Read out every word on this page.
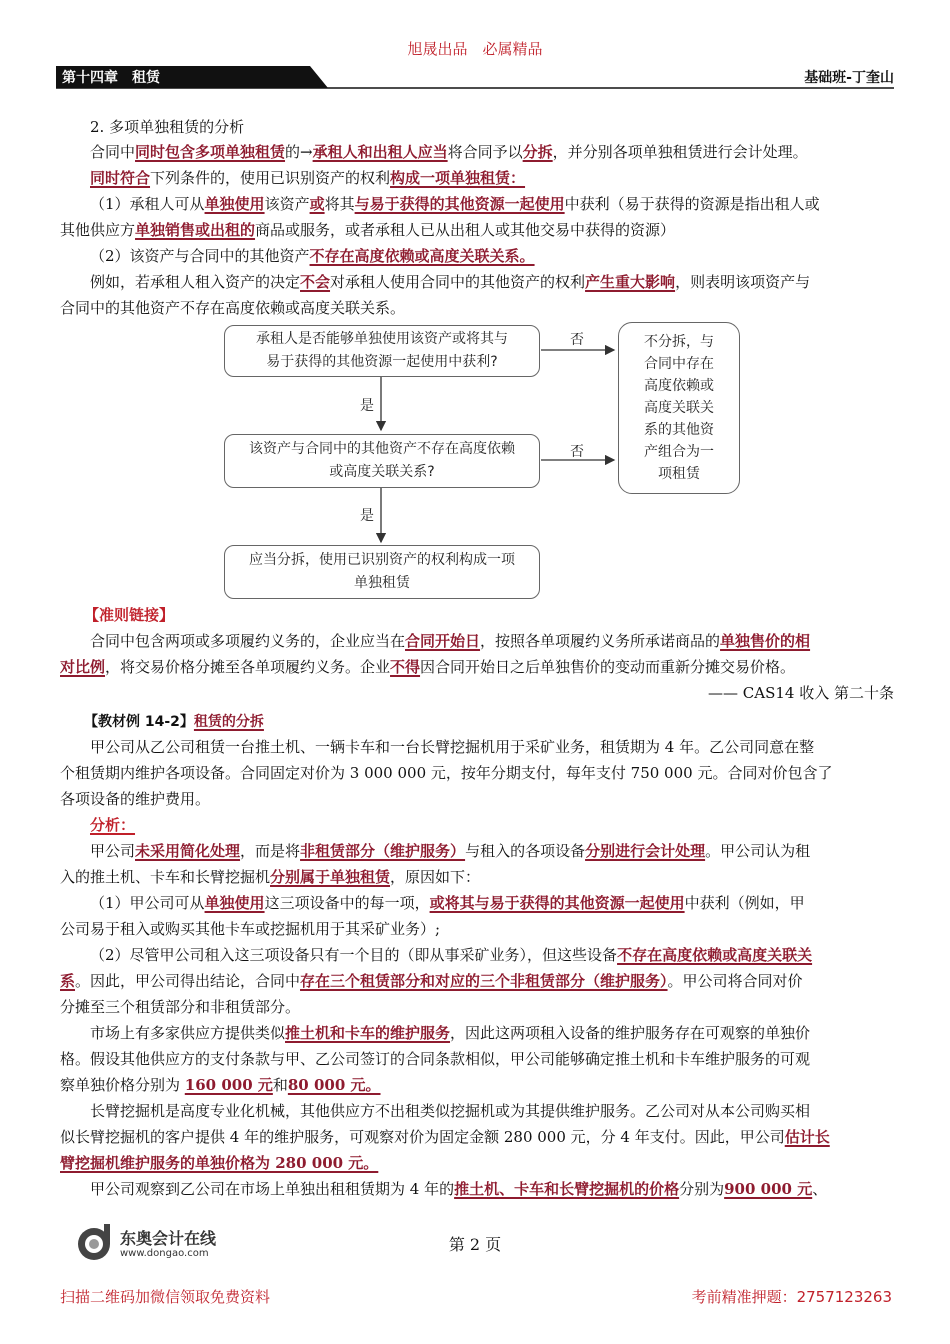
旭晟出品　必属精品
第十四章　租赁	基础班-丁奎山
2. 多项单独租赁的分析
合同中同时包含多项单独租赁的→承租人和出租人应当将合同予以分拆，并分别各项单独租赁进行会计处理。
同时符合下列条件的，使用已识别资产的权利构成一项单独租赁：
（1）承租人可从单独使用该资产或将其与易于获得的其他资源一起使用中获利（易于获得的资源是指出租人或
其他供应方单独销售或出租的商品或服务，或者承租人已从出租人或其他交易中获得的资源）
（2）该资产与合同中的其他资产不存在高度依赖或高度关联关系。
例如，若承租人租入资产的决定不会对承租人使用合同中的其他资产的权利产生重大影响，则表明该项资产与
合同中的其他资产不存在高度依赖或高度关联关系。
承租人是否能够单独使用该资产或将其与
易于获得的其他资源一起使用中获利?
该资产与合同中的其他资产不存在高度依赖
或高度关联关系?
应当分拆，使用已识别资产的权利构成一项
单独租赁
不分拆，与
合同中存在
高度依赖或
高度关联关
系的其他资
产组合为一
项租赁
否
否
是
是
【准则链接】
合同中包含两项或多项履约义务的，企业应当在合同开始日，按照各单项履约义务所承诺商品的单独售价的相
对比例，将交易价格分摊至各单项履约义务。企业不得因合同开始日之后单独售价的变动而重新分摊交易价格。
—— CAS14 收入 第二十条
【教材例 14-2】租赁的分拆
甲公司从乙公司租赁一台推土机、一辆卡车和一台长臂挖掘机用于采矿业务，租赁期为 4 年。乙公司同意在整
个租赁期内维护各项设备。合同固定对价为 3 000 000 元，按年分期支付，每年支付 750 000 元。合同对价包含了
各项设备的维护费用。
分析：
甲公司未采用简化处理，而是将非租赁部分（维护服务）与租入的各项设备分别进行会计处理。甲公司认为租
入的推土机、卡车和长臂挖掘机分别属于单独租赁，原因如下：
（1）甲公司可从单独使用这三项设备中的每一项，或将其与易于获得的其他资源一起使用中获利（例如，甲
公司易于租入或购买其他卡车或挖掘机用于其采矿业务）;
（2）尽管甲公司租入这三项设备只有一个目的（即从事采矿业务），但这些设备不存在高度依赖或高度关联关
系。因此，甲公司得出结论，合同中存在三个租赁部分和对应的三个非租赁部分（维护服务）。甲公司将合同对价
分摊至三个租赁部分和非租赁部分。
市场上有多家供应方提供类似推土机和卡车的维护服务，因此这两项租入设备的维护服务存在可观察的单独价
格。假设其他供应方的支付条款与甲、乙公司签订的合同条款相似，甲公司能够确定推土机和卡车维护服务的可观
察单独价格分别为 160 000 元和80 000 元。
长臂挖掘机是高度专业化机械，其他供应方不出租类似挖掘机或为其提供维护服务。乙公司对从本公司购买相
似长臂挖掘机的客户提供 4 年的维护服务，可观察对价为固定金额 280 000 元，分 4 年支付。因此，甲公司估计长
臂挖掘机维护服务的单独价格为 280 000 元。
甲公司观察到乙公司在市场上单独出租租赁期为 4 年的推土机、卡车和长臂挖掘机的价格分别为900 000 元、
东奥会计在线
www.dongao.com	第 2 页
扫描二维码加微信领取免费资料	考前精准押题：2757123263
